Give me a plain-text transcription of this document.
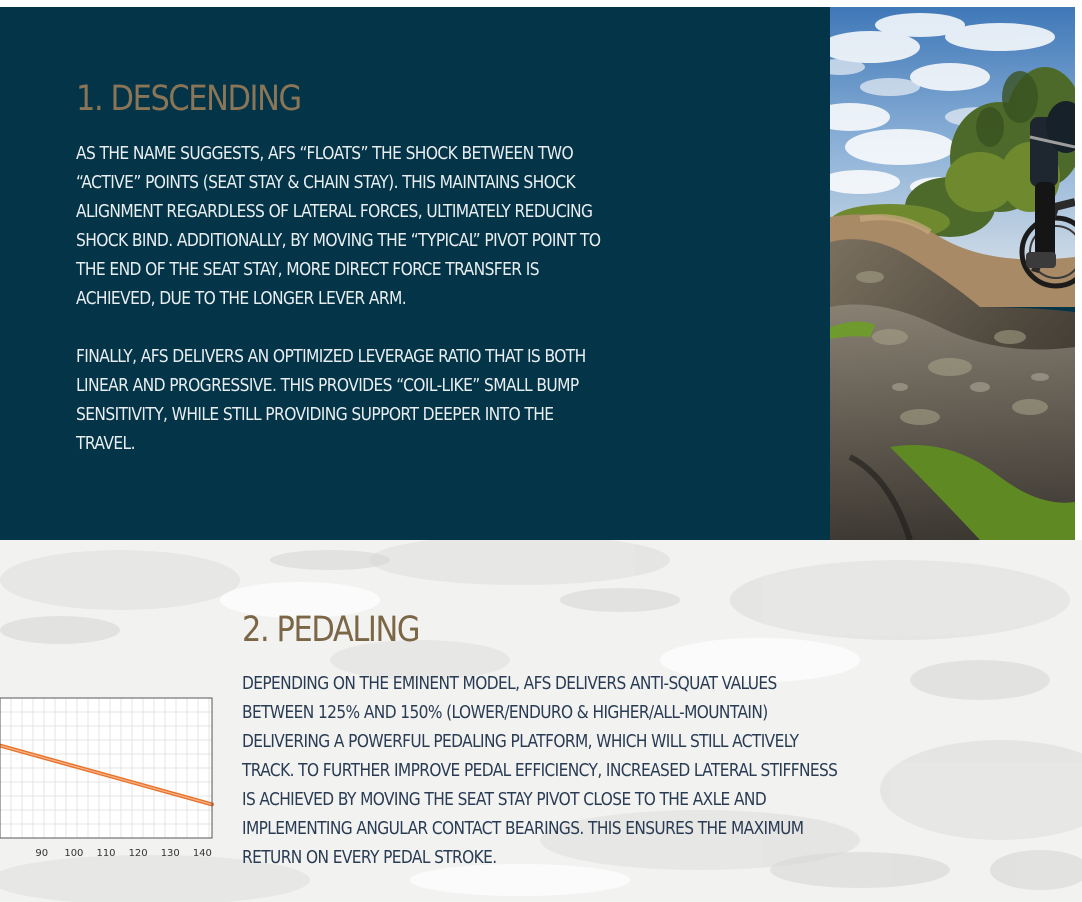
1. DESCENDING
AS THE NAME SUGGESTS, AFS “FLOATS” THE SHOCK BETWEEN TWO
“ACTIVE” POINTS (SEAT STAY & CHAIN STAY). THIS MAINTAINS SHOCK
ALIGNMENT REGARDLESS OF LATERAL FORCES, ULTIMATELY REDUCING
SHOCK BIND. ADDITIONALLY, BY MOVING THE “TYPICAL” PIVOT POINT TO
THE END OF THE SEAT STAY, MORE DIRECT FORCE TRANSFER IS
ACHIEVED, DUE TO THE LONGER LEVER ARM.
FINALLY, AFS DELIVERS AN OPTIMIZED LEVERAGE RATIO THAT IS BOTH
LINEAR AND PROGRESSIVE. THIS PROVIDES “COIL-LIKE” SMALL BUMP
SENSITIVITY, WHILE STILL PROVIDING SUPPORT DEEPER INTO THE
TRAVEL.
2. PEDALING
DEPENDING ON THE EMINENT MODEL, AFS DELIVERS ANTI-SQUAT VALUES
BETWEEN 125% AND 150% (LOWER/ENDURO & HIGHER/ALL-MOUNTAIN)
DELIVERING A POWERFUL PEDALING PLATFORM, WHICH WILL STILL ACTIVELY
TRACK. TO FURTHER IMPROVE PEDAL EFFICIENCY, INCREASED LATERAL STIFFNESS
IS ACHIEVED BY MOVING THE SEAT STAY PIVOT CLOSE TO THE AXLE AND
IMPLEMENTING ANGULAR CONTACT BEARINGS. THIS ENSURES THE MAXIMUM
RETURN ON EVERY PEDAL STROKE.
90 100 110 120 130 140
